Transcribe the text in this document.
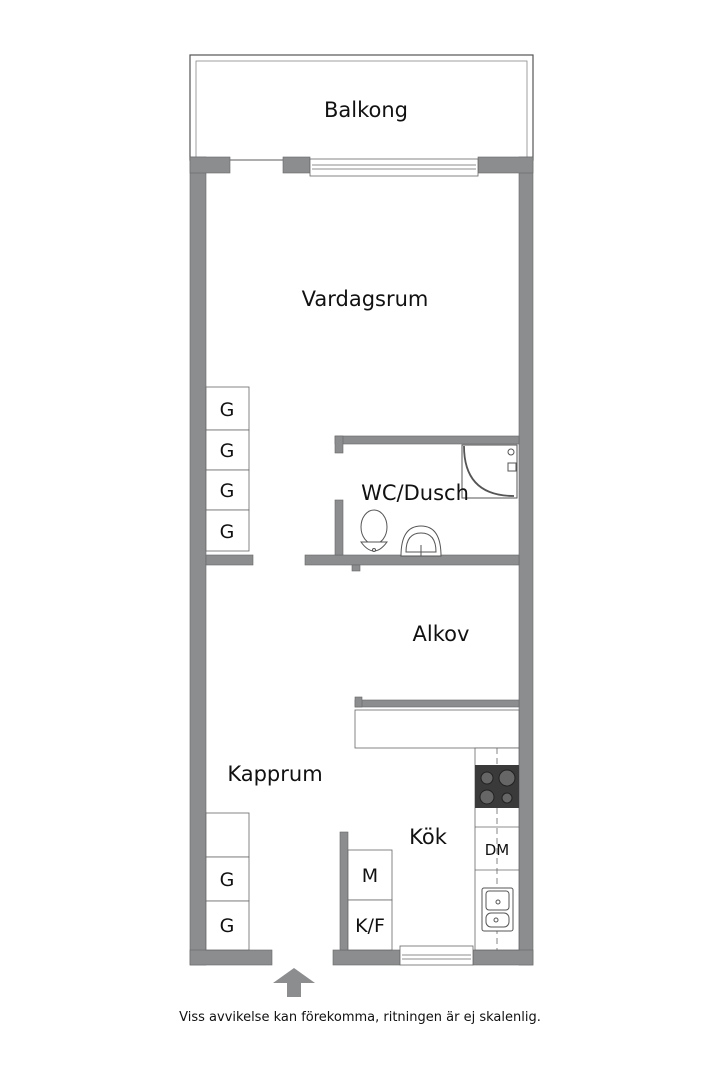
Balkong
G
G
G
G
DM
M
K/F
G
G
Vardagsrum
WC/Dusch
Alkov
Kapprum
Kök
Viss avvikelse kan förekomma, ritningen är ej skalenlig.
